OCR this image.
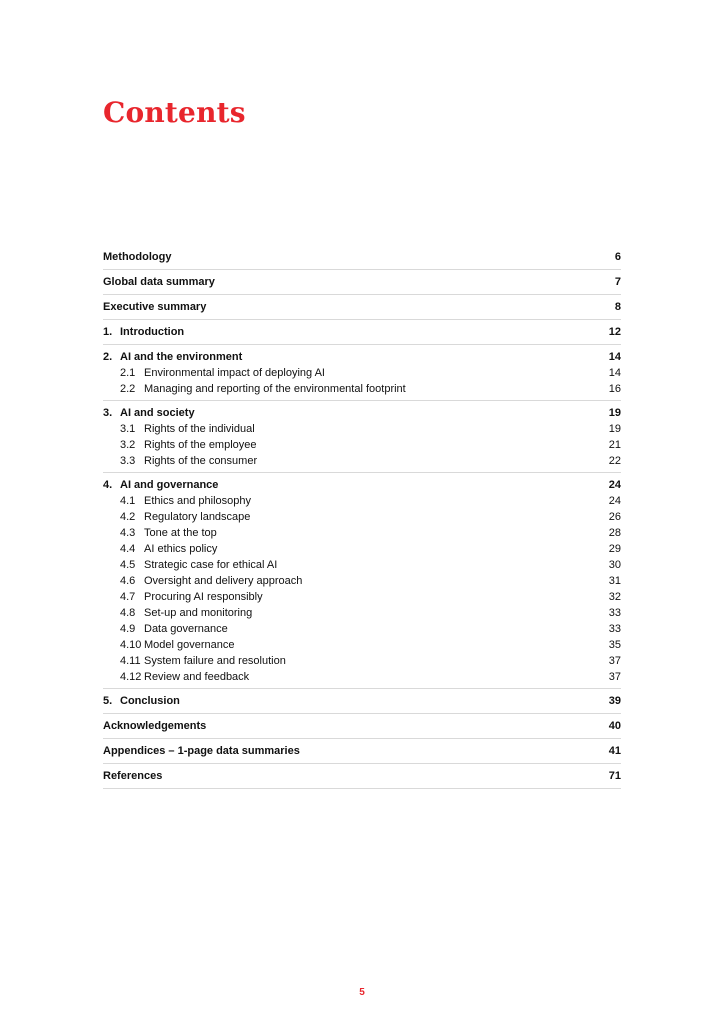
Contents
Methodology	6
Global data summary	7
Executive summary	8
1. Introduction	12
2. AI and the environment	14
2.1 Environmental impact of deploying AI	14
2.2 Managing and reporting of the environmental footprint	16
3. AI and society	19
3.1 Rights of the individual	19
3.2 Rights of the employee	21
3.3 Rights of the consumer	22
4. AI and governance	24
4.1 Ethics and philosophy	24
4.2 Regulatory landscape	26
4.3 Tone at the top	28
4.4 AI ethics policy	29
4.5 Strategic case for ethical AI	30
4.6 Oversight and delivery approach	31
4.7 Procuring AI responsibly	32
4.8 Set-up and monitoring	33
4.9 Data governance	33
4.10 Model governance	35
4.11 System failure and resolution	37
4.12 Review and feedback	37
5. Conclusion	39
Acknowledgements	40
Appendices – 1-page data summaries	41
References	71
5
